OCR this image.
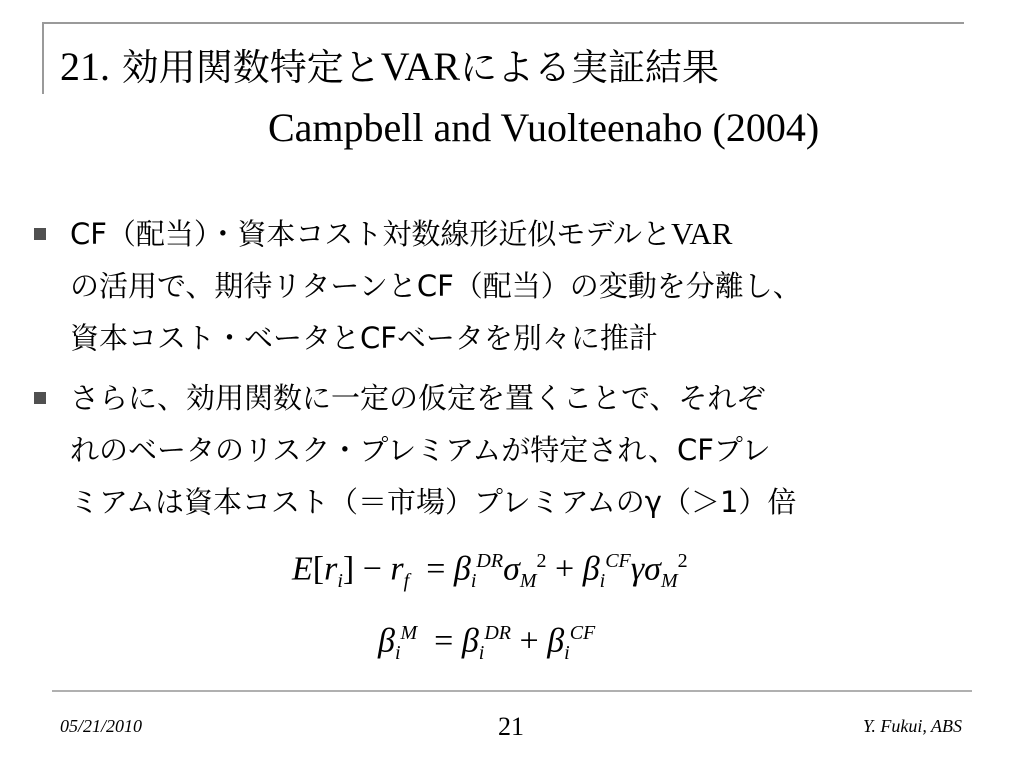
21. 効用関数特定とVARによる実証結果
Campbell and Vuolteenaho (2004)
CF（配当）・資本コスト対数線形近似モデルとVAR
の活用で、期待リターンとCF（配当）の変動を分離し、
資本コスト・ベータとCFベータを別々に推計
さらに、効用関数に一定の仮定を置くことで、それぞ
れのベータのリスク・プレミアムが特定され、CFプレ
ミアムは資本コスト（＝市場）プレミアムのγ（＞1）倍
$E[r_i] - r_f = \beta_i^{DR}\sigma_M^2 + \beta_i^{CF}\gamma\sigma_M^2$
$\beta_i^M = \beta_i^{DR} + \beta_i^{CF}$
05/21/2010	21	Y. Fukui, ABS
